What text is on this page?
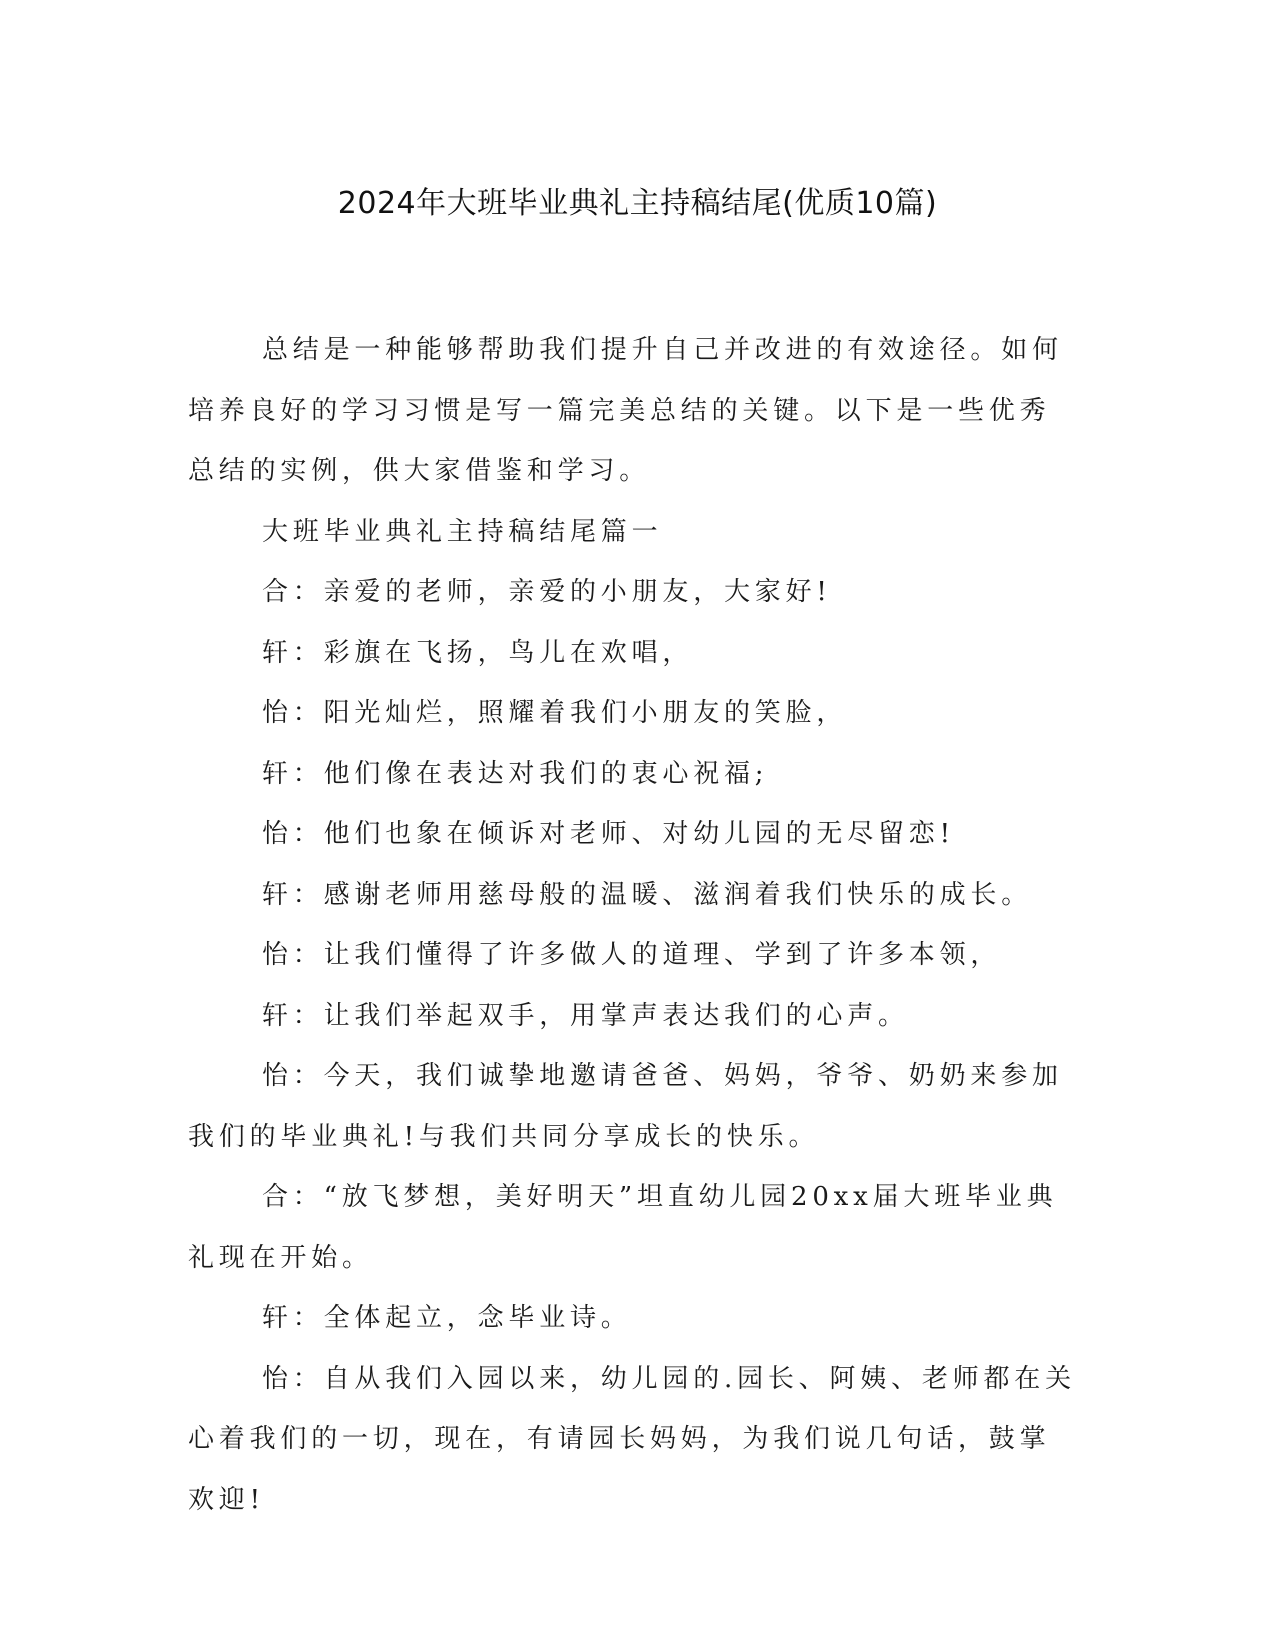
2024年大班毕业典礼主持稿结尾(优质10篇)

总结是一种能够帮助我们提升自己并改进的有效途径。如何培养良好的学习习惯是写一篇完美总结的关键。以下是一些优秀总结的实例，供大家借鉴和学习。

大班毕业典礼主持稿结尾篇一

合：亲爱的老师，亲爱的小朋友，大家好!

轩：彩旗在飞扬，鸟儿在欢唱，

怡：阳光灿烂，照耀着我们小朋友的笑脸，

轩：他们像在表达对我们的衷心祝福;

怡：他们也象在倾诉对老师、对幼儿园的无尽留恋!

轩：感谢老师用慈母般的温暖、滋润着我们快乐的成长。

怡：让我们懂得了许多做人的道理、学到了许多本领，

轩：让我们举起双手，用掌声表达我们的心声。

怡：今天，我们诚挚地邀请爸爸、妈妈，爷爷、奶奶来参加我们的毕业典礼!与我们共同分享成长的快乐。

合：“放飞梦想，美好明天”坦直幼儿园20xx届大班毕业典礼现在开始。

轩：全体起立，念毕业诗。

怡：自从我们入园以来，幼儿园的.园长、阿姨、老师都在关心着我们的一切，现在，有请园长妈妈，为我们说几句话，鼓掌欢迎!
